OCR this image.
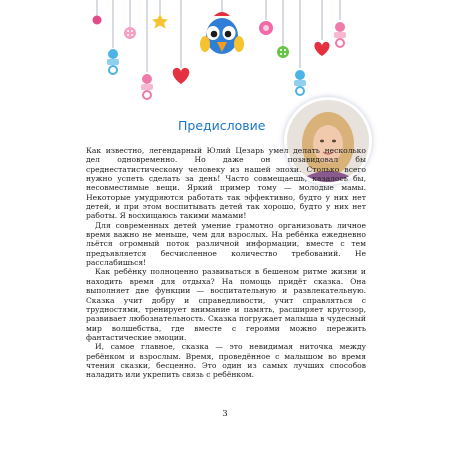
Предисловие

Как известно, легендарный Юлий Цезарь умел делать несколько дел одновременно. Но даже он позавидовал бы среднестатистическому человеку из нашей эпохи. Столько всего нужно успеть сделать за день! Часто совмещаешь, казалось бы, несовместимые вещи. Яркий пример тому — молодые мамы. Некоторые умудряются работать так эффективно, будто у них нет детей, и при этом воспитывать детей так хорошо, будто у них нет работы. Я восхищаюсь такими мамами!

Для современных детей умение грамотно организовать личное время важно не меньше, чем для взрослых. На ребёнка ежедневно льётся огромный поток различной информации, вместе с тем предъявляется бесчисленное количество требований. Не расслабишься!

Как ребёнку полноценно развиваться в бешеном ритме жизни и находить время для отдыха? На помощь придёт сказка. Она выполняет две функции — воспитательную и развлекательную. Сказка учит добру и справедливости, учит справляться с трудностями, тренирует внимание и память, расширяет кругозор, развивает любознательность. Сказка погружает малыша в чудесный мир волшебства, где вместе с героями можно пережить фантастические эмоции.

И, самое главное, сказка — это невидимая ниточка между ребёнком и взрослым. Время, проведённое с малышом во время чтения сказки, бесценно. Это один из самых лучших способов наладить или укрепить связь с ребёнком.

3
